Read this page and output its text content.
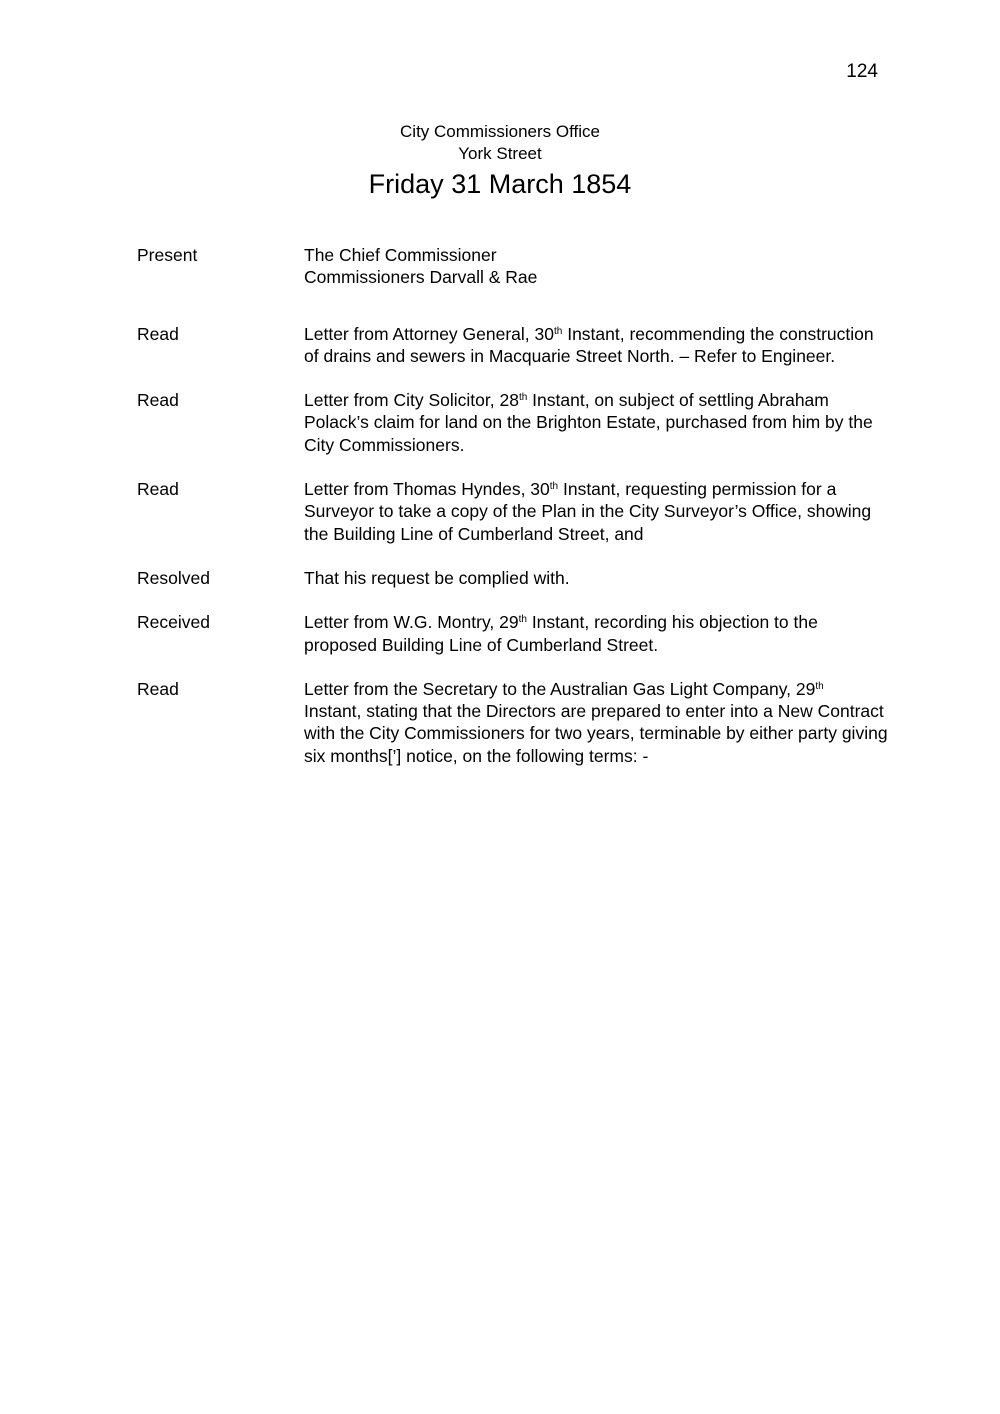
124
City Commissioners Office
York Street
Friday 31 March 1854
Present	The Chief Commissioner
Commissioners Darvall & Rae
Read	Letter from Attorney General, 30th Instant, recommending the construction
of drains and sewers in Macquarie Street North. – Refer to Engineer.
Read	Letter from City Solicitor, 28th Instant, on subject of settling Abraham
Polack’s claim for land on the Brighton Estate, purchased from him by the
City Commissioners.
Read	Letter from Thomas Hyndes, 30th Instant, requesting permission for a
Surveyor to take a copy of the Plan in the City Surveyor’s Office, showing
the Building Line of Cumberland Street, and
Resolved	That his request be complied with.
Received	Letter from W.G. Montry, 29th Instant, recording his objection to the
proposed Building Line of Cumberland Street.
Read	Letter from the Secretary to the Australian Gas Light Company, 29th
Instant, stating that the Directors are prepared to enter into a New Contract
with the City Commissioners for two years, terminable by either party giving
six months[’] notice, on the following terms: -
